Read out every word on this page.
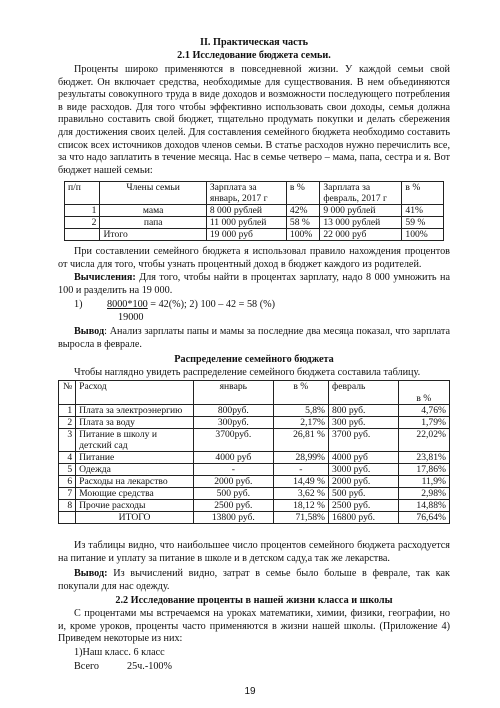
II. Практическая часть
2.1 Исследование бюджета семьи.
Проценты широко применяются в повседневной жизни. У каждой семьи свой бюджет. Он включает средства, необходимые для существования. В нем объединяются результаты совокупного труда в виде доходов и возможности последующего потребления в виде расходов. Для того чтобы эффективно использовать свои доходы, семья должна правильно составить свой бюджет, тщательно продумать покупки и делать сбережения для достижения своих целей. Для составления семейного бюджета необходимо составить список всех источников доходов членов семьи. В статье расходов нужно перечислить все, за что надо заплатить в течение месяца. Нас в семье четверо – мама, папа, сестра и я. Вот бюджет нашей семьи:
п/п	Члены семьи	Зарплата за январь, 2017 г	в %	Зарплата за февраль, 2017 г	в %
1	мама	8 000 рублей	42%	9 000 рублей	41%
2	папа	11 000 рублей	58 %	13 000 рублей	59 %
	Итого	19 000 руб	100%	22 000 руб	100%
При составлении семейного бюджета я использовал правило нахождения процентов от числа для того, чтобы узнать процентный доход в бюджет каждого из родителей.
Вычисления: Для того, чтобы найти в процентах зарплату, надо 8 000 умножить на 100 и разделить на 19 000.
1) 8000*100 = 42(%); 2) 100 – 42 = 58 (%)
19000
Вывод: Анализ зарплаты папы и мамы за последние два месяца показал, что зарплата выросла в феврале.
Распределение семейного бюджета
Чтобы наглядно увидеть распределение семейного бюджета составила таблицу.
№	Расход	январь	в %	февраль	в %
1	Плата за электроэнергию	800руб.	5,8%	800 руб.	4,76%
2	Плата за воду	300руб.	2,17%	300 руб.	1,79%
3	Питание в школу и детский сад	3700руб.	26,81 %	3700 руб.	22,02%
4	Питание	4000 руб	28,99%	4000 руб	23,81%
5	Одежда	-	-	3000 руб.	17,86%
6	Расходы на лекарство	2000 руб.	14,49 %	2000 руб.	11,9%
7	Моющие средства	500 руб.	3,62 %	500 руб.	2,98%
8	Прочие расходы	2500 руб.	18,12 %	2500 руб.	14,88%
	ИТОГО	13800 руб.	71,58%	16800 руб.	76,64%
Из таблицы видно, что наибольшее число процентов семейного бюджета расходуется на питание и уплату за питание в школе и в детском саду,а так же лекарства.
Вывод: Из вычислений видно, затрат в семье было больше в феврале, так как покупали для нас одежду.
2.2 Исследование проценты в нашей жизни класса и школы
С процентами мы встречаемся на уроках математики, химии, физики, географии, но и, кроме уроков, проценты часто применяются в жизни нашей школы. (Приложение 4) Приведем некоторые из них:
1)Наш класс. 6 класс
Всего	25ч.-100%
19
